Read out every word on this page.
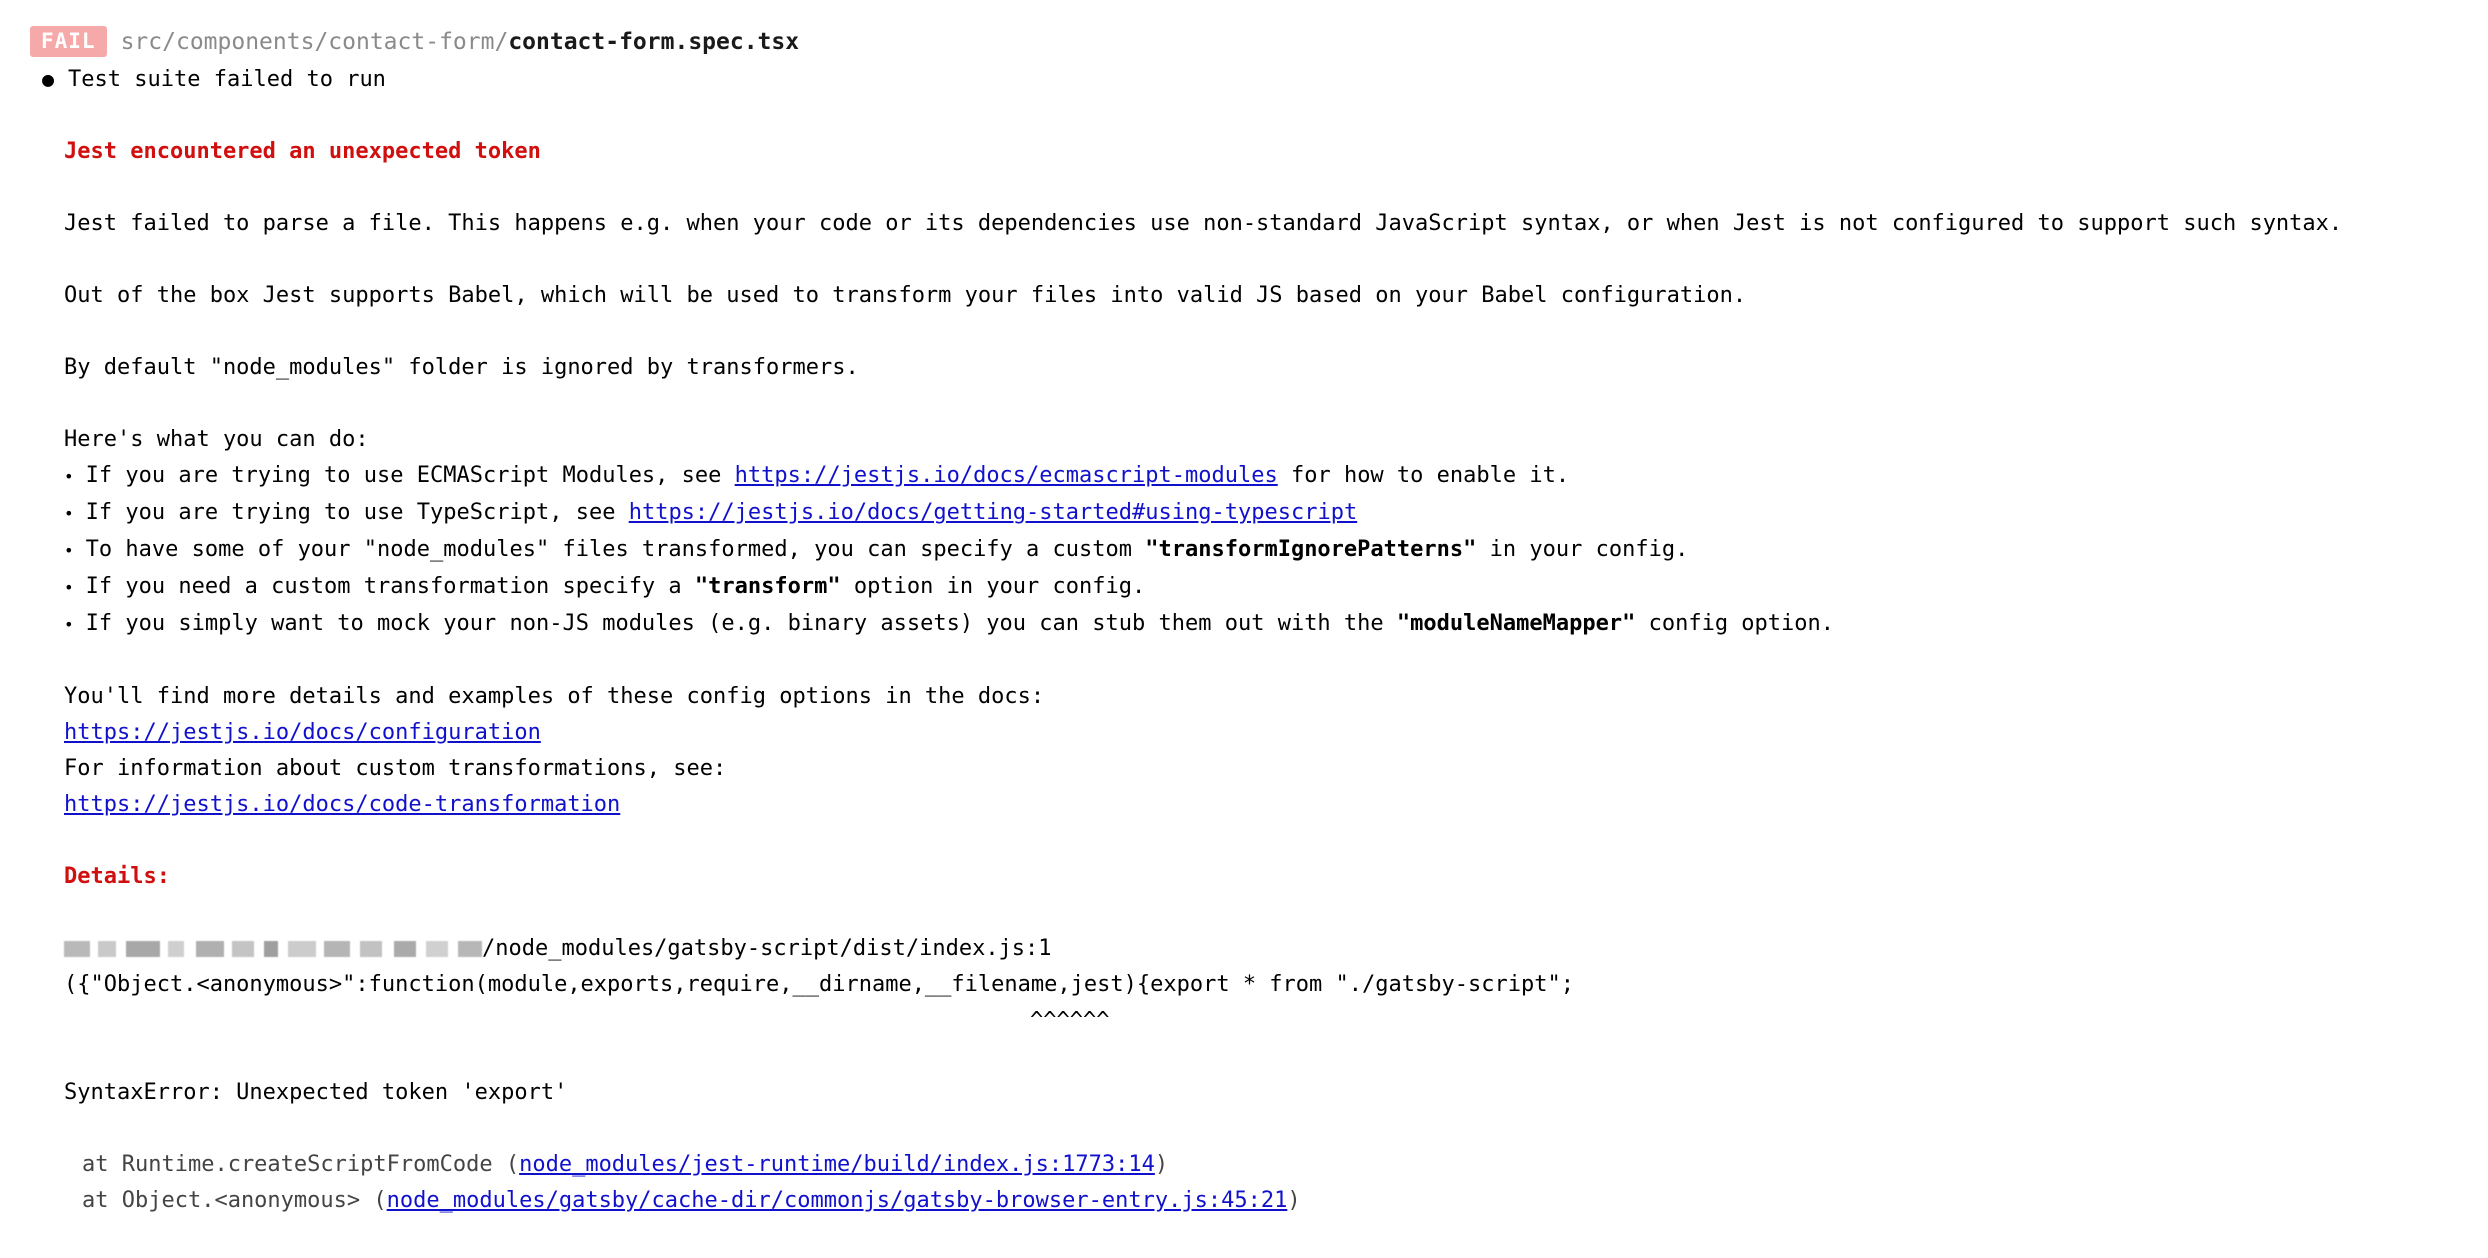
FAIL	src/components/contact-form/contact-form.spec.tsx
● Test suite failed to run
Jest encountered an unexpected token
Jest failed to parse a file. This happens e.g. when your code or its dependencies use non-standard JavaScript syntax, or when Jest is not configured to support such syntax.
Out of the box Jest supports Babel, which will be used to transform your files into valid JS based on your Babel configuration.
By default "node_modules" folder is ignored by transformers.
Here's what you can do:
• If you are trying to use ECMAScript Modules, see https://jestjs.io/docs/ecmascript-modules for how to enable it.
• If you are trying to use TypeScript, see https://jestjs.io/docs/getting-started#using-typescript
• To have some of your "node_modules" files transformed, you can specify a custom "transformIgnorePatterns" in your config.
• If you need a custom transformation specify a "transform" option in your config.
• If you simply want to mock your non-JS modules (e.g. binary assets) you can stub them out with the "moduleNameMapper" config option.
You'll find more details and examples of these config options in the docs:
https://jestjs.io/docs/configuration
For information about custom transformations, see:
https://jestjs.io/docs/code-transformation
Details:
/node_modules/gatsby-script/dist/index.js:1
({"Object.<anonymous>":function(module,exports,require,__dirname,__filename,jest){export * from "./gatsby-script";
^^^^^^
SyntaxError: Unexpected token 'export'
at Runtime.createScriptFromCode (node_modules/jest-runtime/build/index.js:1773:14)
at Object.<anonymous> (node_modules/gatsby/cache-dir/commonjs/gatsby-browser-entry.js:45:21)
